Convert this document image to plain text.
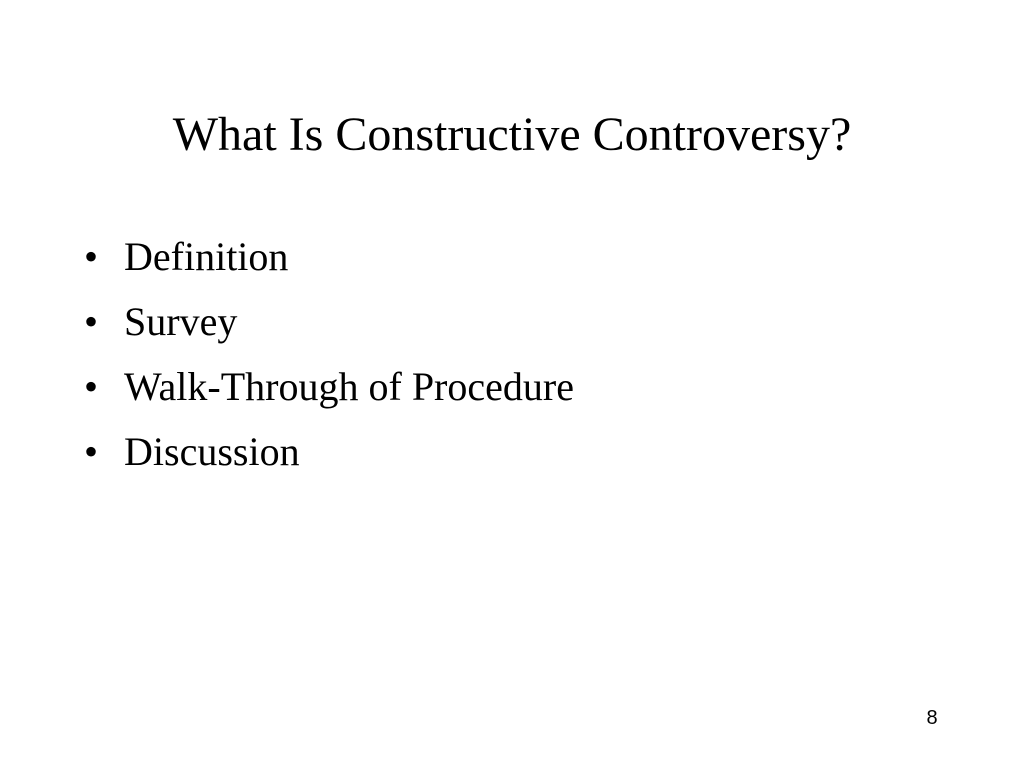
What Is Constructive Controversy?
• Definition
• Survey
• Walk-Through of Procedure
• Discussion
8
